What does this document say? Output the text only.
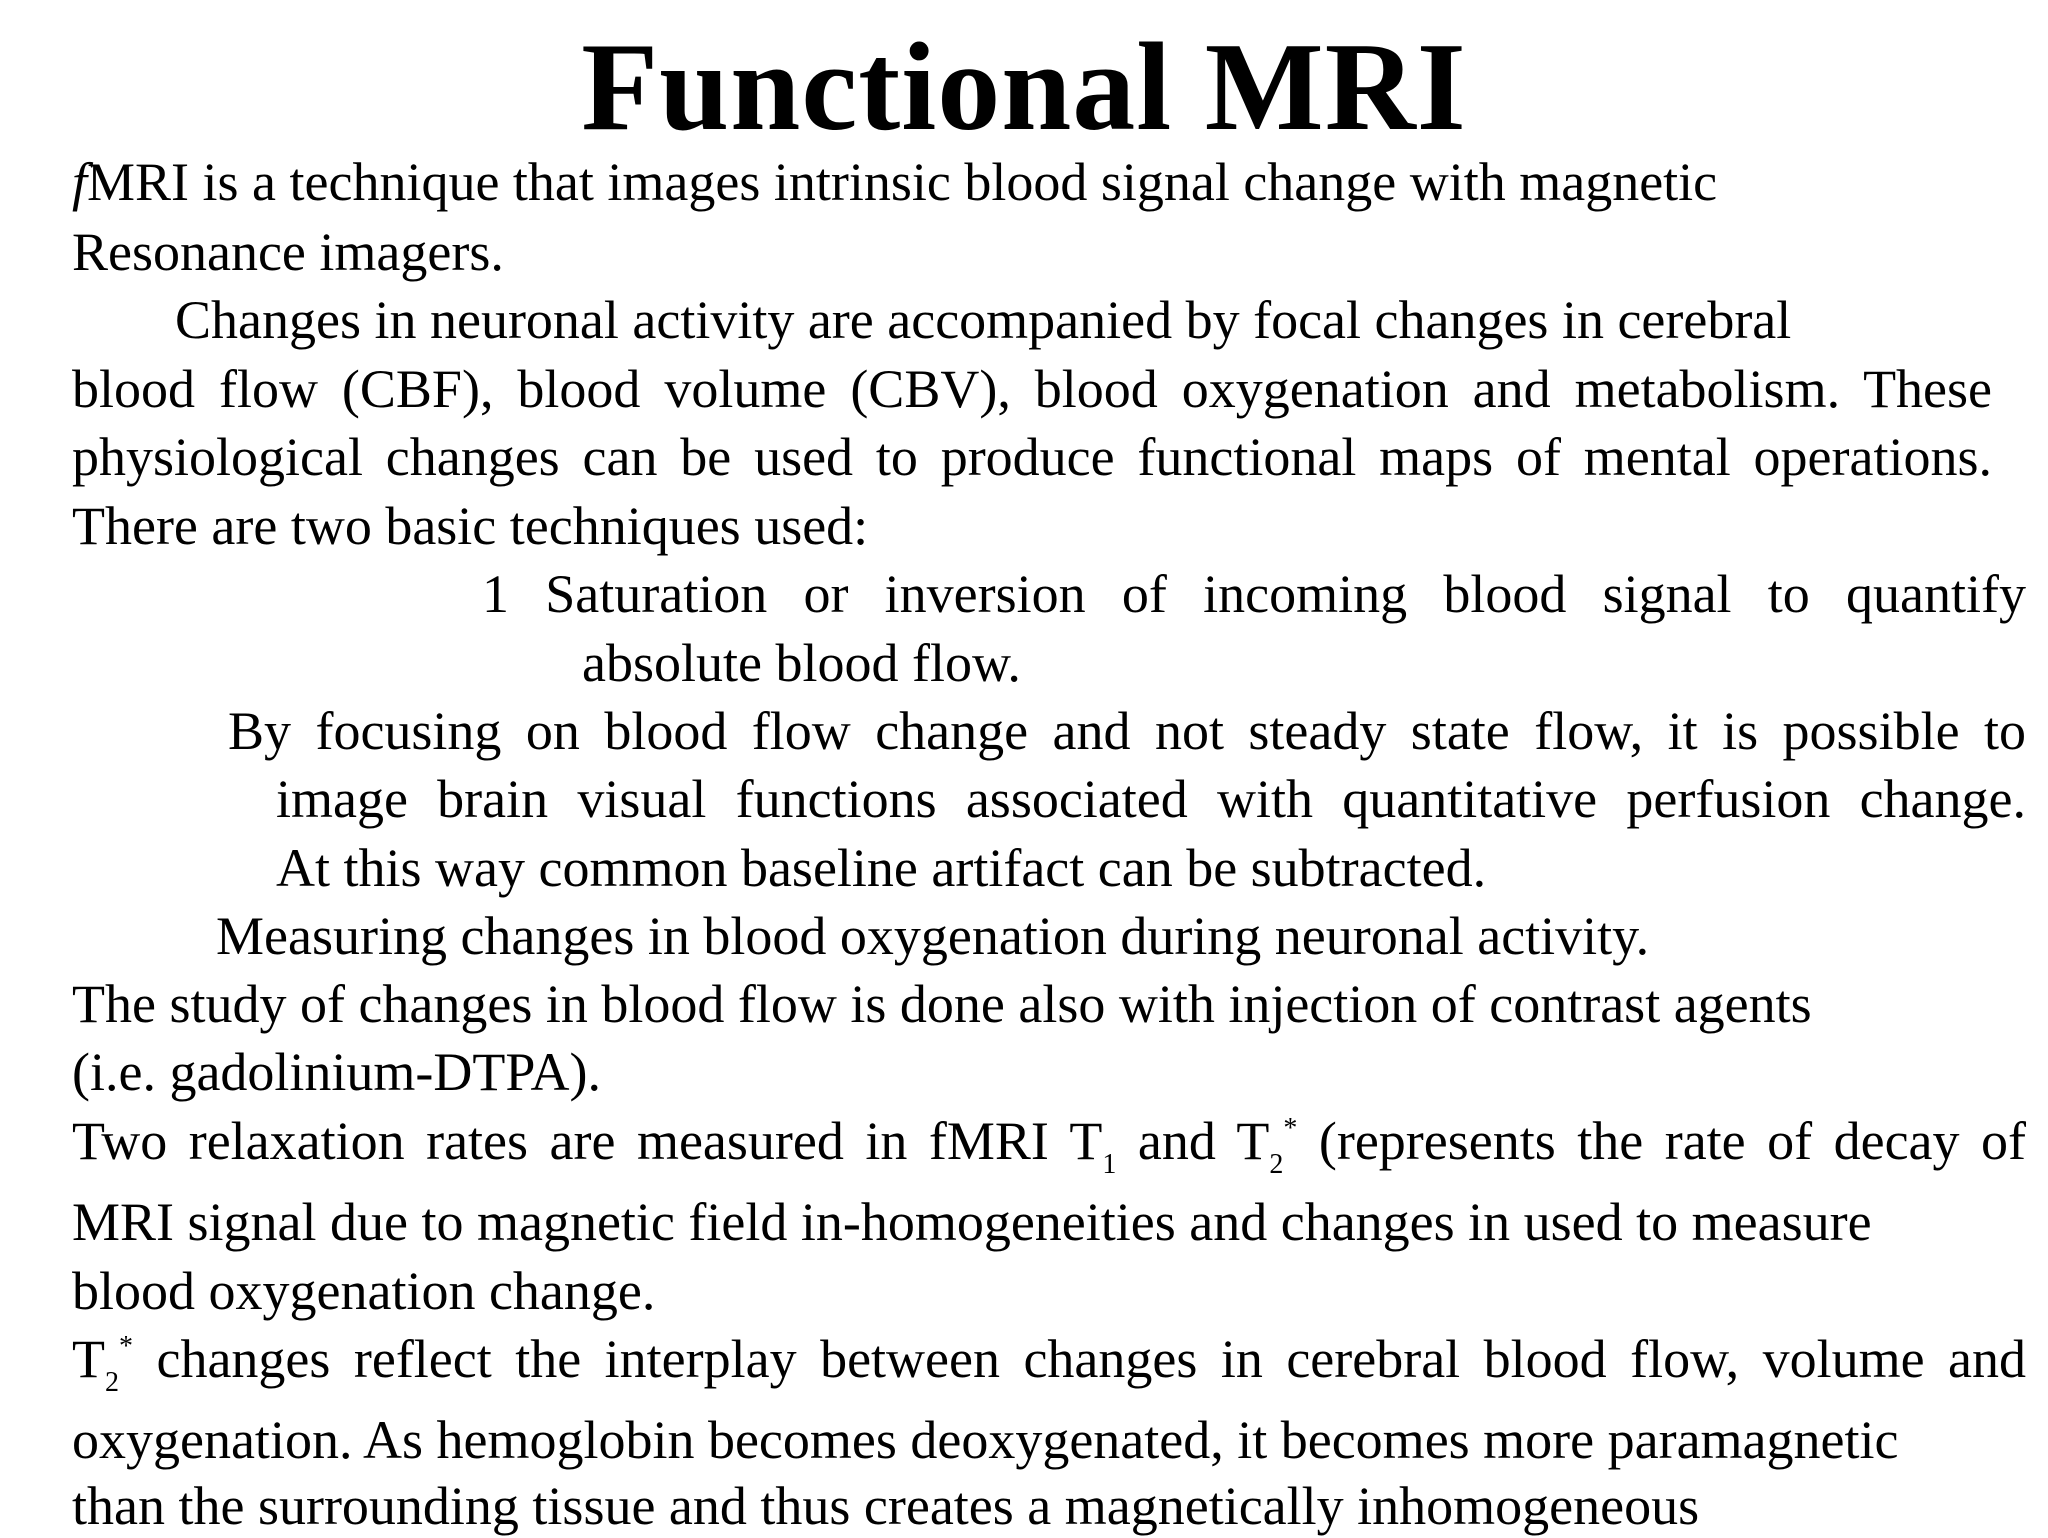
Functional MRI
fMRI is a technique that images intrinsic blood signal change with magnetic
Resonance imagers.
Changes in neuronal activity are accompanied by focal changes in cerebral
blood flow (CBF), blood volume (CBV), blood oxygenation and metabolism. These
physiological changes can be used to produce functional maps of mental operations.
There are two basic techniques used:
1 Saturation or inversion of incoming blood signal to quantify
absolute blood flow.
By focusing on blood flow change and not steady state flow, it is possible to
image brain visual functions associated with quantitative perfusion change.
At this way common baseline artifact can be subtracted.
Measuring changes in blood oxygenation during neuronal activity.
The study of changes in blood flow is done also with injection of contrast agents
(i.e. gadolinium-DTPA).
Two relaxation rates are measured in fMRI $T_1$ and $T_2^*$ (represents the rate of decay of
MRI signal due to magnetic field in-homogeneities and changes in used to measure
blood oxygenation change.
$T_2^*$ changes reflect the interplay between changes in cerebral blood flow, volume and
oxygenation. As hemoglobin becomes deoxygenated, it becomes more paramagnetic
than the surrounding tissue and thus creates a magnetically inhomogeneous
